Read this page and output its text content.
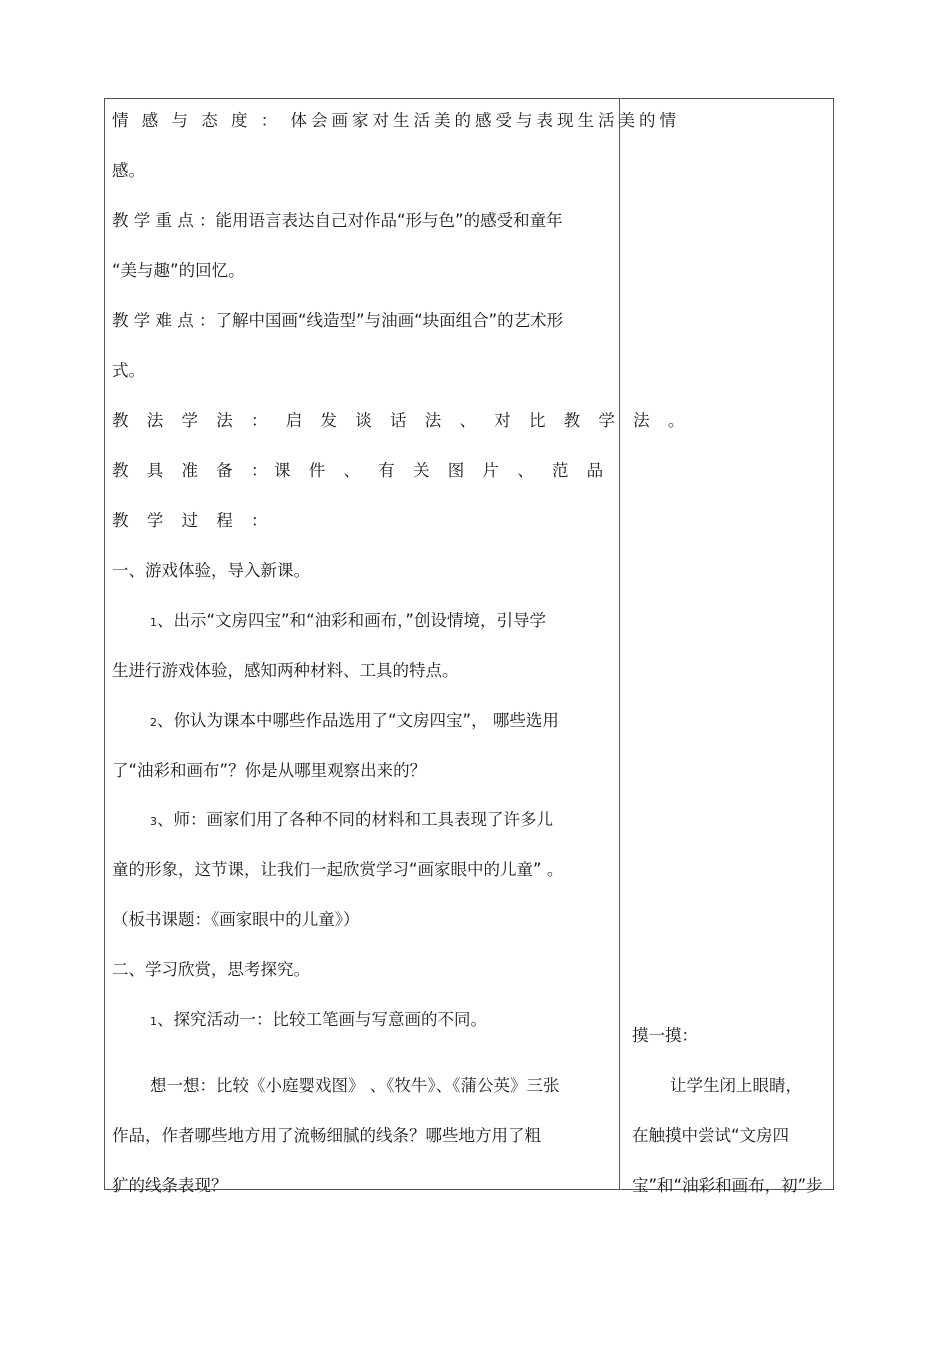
情 感 与 态 度 ： 体会画家对生活美的感受与表现生活美的情
感。
教 学 重 点 ：能用语言表达自己对作品“形与色”的感受和童年
“美与趣”的回忆。
教 学 难 点 ：了解中国画“线造型”与油画“块面组合”的艺术形
式。
教 法 学 法 ： 启 发 谈 话 法 、 对 比 教 学 法 。
教 具 准 备 ：课 件 、 有 关 图 片 、 范 品
教 学 过 程 ：
一、游戏体验，导入新课。
1、出示“文房四宝”和“油彩和画布，”创设情境，引导学
生进行游戏体验，感知两种材料、工具的特点。
2、你认为课本中哪些作品选用了“文房四宝”， 哪些选用
了“油彩和画布”？你是从哪里观察出来的？
3、师：画家们用了各种不同的材料和工具表现了许多儿
童的形象，这节课，让我们一起欣赏学习“画家眼中的儿童” 。
（板书课题：《画家眼中的儿童》）
二、学习欣赏，思考探究。
1、探究活动一：比较工笔画与写意画的不同。
想一想：比较《小庭婴戏图》 、《牧牛》、《蒲公英》三张
作品，作者哪些地方用了流畅细腻的线条？哪些地方用了粗
犷的线条表现？
摸一摸：
让学生闭上眼睛，
在触摸中尝试“文房四
宝”和“油彩和画布，初”步
